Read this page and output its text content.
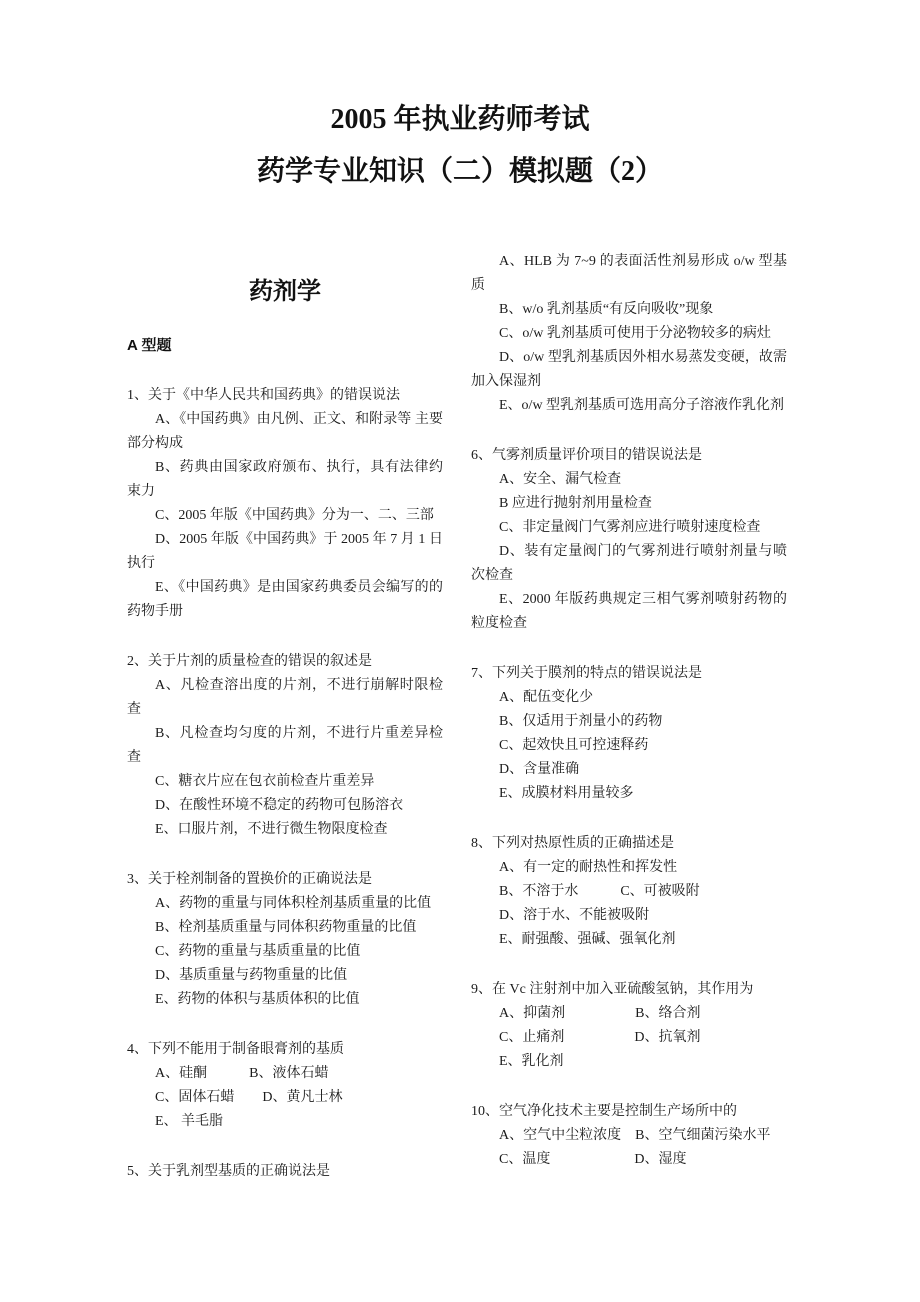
2005 年执业药师考试
药学专业知识（二）模拟题（2）
药剂学
A 型题

1、关于《中华人民共和国药典》的错误说法

A、《中国药典》由凡例、正文、和附录等 主要部分构成

B、药典由国家政府颁布、执行，具有法律约束力

C、2005 年版《中国药典》分为一、二、三部

D、2005 年版《中国药典》于 2005 年 7 月 1 日执行

E、《中国药典》是由国家药典委员会编写的的药物手册

2、关于片剂的质量检查的错误的叙述是

A、凡检查溶出度的片剂，不进行崩解时限检查

B、凡检查均匀度的片剂，不进行片重差异检查

C、糖衣片应在包衣前检查片重差异

D、在酸性环境不稳定的药物可包肠溶衣

E、口服片剂，不进行微生物限度检查

3、关于栓剂制备的置换价的正确说法是

A、药物的重量与同体积栓剂基质重量的比值

B、栓剂基质重量与同体积药物重量的比值

C、药物的重量与基质重量的比值

D、基质重量与药物重量的比值

E、药物的体积与基质体积的比值

4、下列不能用于制备眼膏剂的基质

A、硅酮　　　B、液体石蜡

C、固体石蜡　　D、黄凡士林

E、 羊毛脂

5、关于乳剂型基质的正确说法是

A、HLB 为 7~9 的表面活性剂易形成 o/w 型基质

B、w/o 乳剂基质“有反向吸收”现象

C、o/w 乳剂基质可使用于分泌物较多的病灶

D、o/w 型乳剂基质因外相水易蒸发变硬，故需加入保湿剂

E、o/w 型乳剂基质可选用高分子溶液作乳化剂

6、气雾剂质量评价项目的错误说法是

A、安全、漏气检查

B 应进行抛射剂用量检查

C、非定量阀门气雾剂应进行喷射速度检查

D、装有定量阀门的气雾剂进行喷射剂量与喷次检查

E、2000 年版药典规定三相气雾剂喷射药物的粒度检查

7、下列关于膜剂的特点的错误说法是

A、配伍变化少

B、仅适用于剂量小的药物

C、起效快且可控速释药

D、含量准确

E、成膜材料用量较多

8、下列对热原性质的正确描述是

A、有一定的耐热性和挥发性

B、不溶于水　　　C、可被吸附

D、溶于水、不能被吸附

E、耐强酸、强碱、强氧化剂

9、在 Vc 注射剂中加入亚硫酸氢钠，其作用为

A、抑菌剂　　　　　B、络合剂

C、止痛剂　　　　　D、抗氧剂

E、乳化剂

10、空气净化技术主要是控制生产场所中的

A、空气中尘粒浓度　B、空气细菌污染水平

C、温度　　　　　　D、湿度
